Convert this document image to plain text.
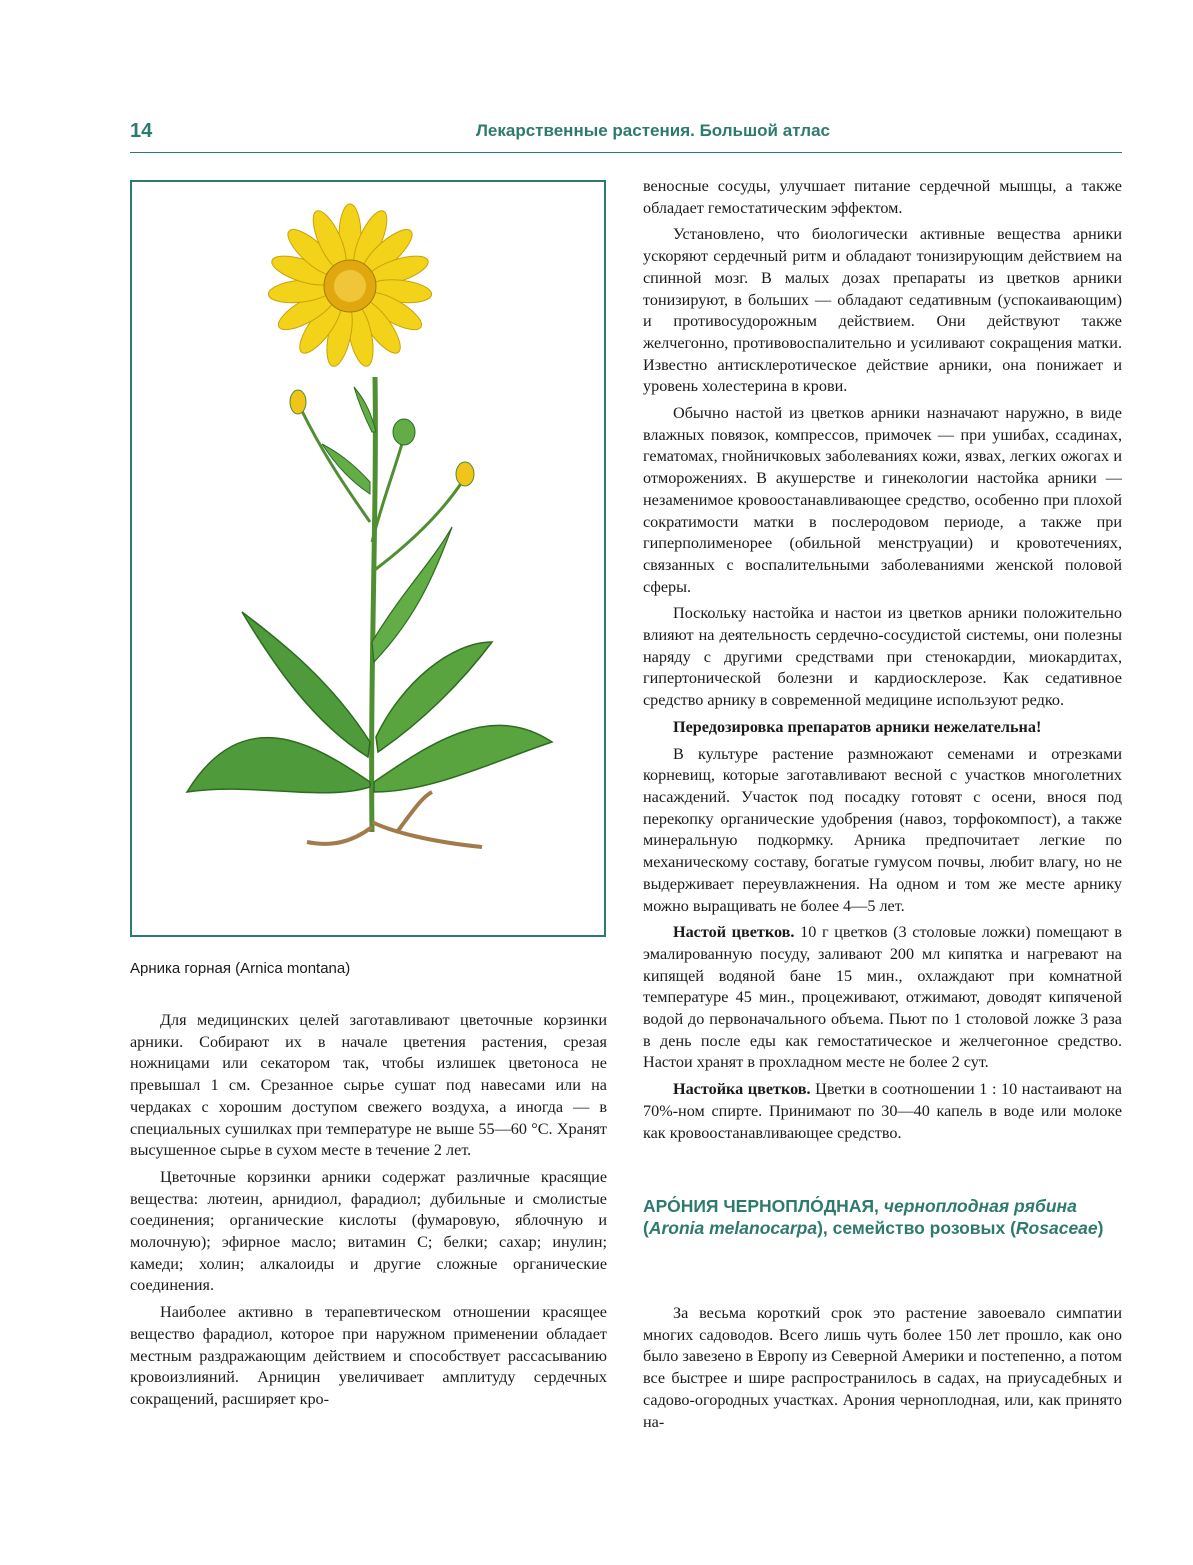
14	Лекарственные растения. Большой атлас
Арника горная (Arnica montana)

Для медицинских целей заготавливают цветочные корзинки арники. Собирают их в начале цветения растения, срезая ножницами или секатором так, чтобы излишек цветоноса не превышал 1 см. Срезанное сырье сушат под навесами или на чердаках с хорошим доступом свежего воздуха, а иногда — в специальных сушилках при температуре не выше 55—60 °С. Хранят высушенное сырье в сухом месте в течение 2 лет.

Цветочные корзинки арники содержат различные красящие вещества: лютеин, арнидиол, фарадиол; дубильные и смолистые соединения; органические кислоты (фумаровую, яблочную и молочную); эфирное масло; витамин С; белки; сахар; инулин; камеди; холин; алкалоиды и другие сложные органические соединения.

Наиболее активно в терапевтическом отношении красящее вещество фарадиол, которое при наружном применении обладает местным раздражающим действием и способствует рассасыванию кровоизлияний. Арницин увеличивает амплитуду сердечных сокращений, расширяет кро-

веносные сосуды, улучшает питание сердечной мышцы, а также обладает гемостатическим эффектом.

Установлено, что биологически активные вещества арники ускоряют сердечный ритм и обладают тонизирующим действием на спинной мозг. В малых дозах препараты из цветков арники тонизируют, в больших — обладают седативным (успокаивающим) и противосудорожным действием. Они действуют также желчегонно, противовоспалительно и усиливают сокращения матки. Известно антисклеротическое действие арники, она понижает и уровень холестерина в крови.

Обычно настой из цветков арники назначают наружно, в виде влажных повязок, компрессов, примочек — при ушибах, ссадинах, гематомах, гнойничковых заболеваниях кожи, язвах, легких ожогах и отморожениях. В акушерстве и гинекологии настойка арники — незаменимое кровоостанавливающее средство, особенно при плохой сократимости матки в послеродовом периоде, а также при гиперполименорее (обильной менструации) и кровотечениях, связанных с воспалительными заболеваниями женской половой сферы.

Поскольку настойка и настои из цветков арники положительно влияют на деятельность сердечно-сосудистой системы, они полезны наряду с другими средствами при стенокардии, миокардитах, гипертонической болезни и кардиосклерозе. Как седативное средство арнику в современной медицине используют редко.

Передозировка препаратов арники нежелательна!

В культуре растение размножают семенами и отрезками корневищ, которые заготавливают весной с участков многолетних насаждений. Участок под посадку готовят с осени, внося под перекопку органические удобрения (навоз, торфокомпост), а также минеральную подкормку. Арника предпочитает легкие по механическому составу, богатые гумусом почвы, любит влагу, но не выдерживает переувлажнения. На одном и том же месте арнику можно выращивать не более 4—5 лет.

Настой цветков. 10 г цветков (3 столовые ложки) помещают в эмалированную посуду, заливают 200 мл кипятка и нагревают на кипящей водяной бане 15 мин., охлаждают при комнатной температуре 45 мин., процеживают, отжимают, доводят кипяченой водой до первоначального объема. Пьют по 1 столовой ложке 3 раза в день после еды как гемостатическое и желчегонное средство. Настои хранят в прохладном месте не более 2 сут.

Настойка цветков. Цветки в соотношении 1 : 10 настаивают на 70%-ном спирте. Принимают по 30—40 капель в воде или молоке как кровоостанавливающее средство.

АРО́НИЯ ЧЕРНОПЛО́ДНАЯ, черноплодная рябина (Aronia melanocarpa), семейство розовых (Rosaceae)

За весьма короткий срок это растение завоевало симпатии многих садоводов. Всего лишь чуть более 150 лет прошло, как оно было завезено в Европу из Северной Америки и постепенно, а потом все быстрее и шире распространилось в садах, на приусадебных и садово-огородных участках. Арония черноплодная, или, как принято на-
